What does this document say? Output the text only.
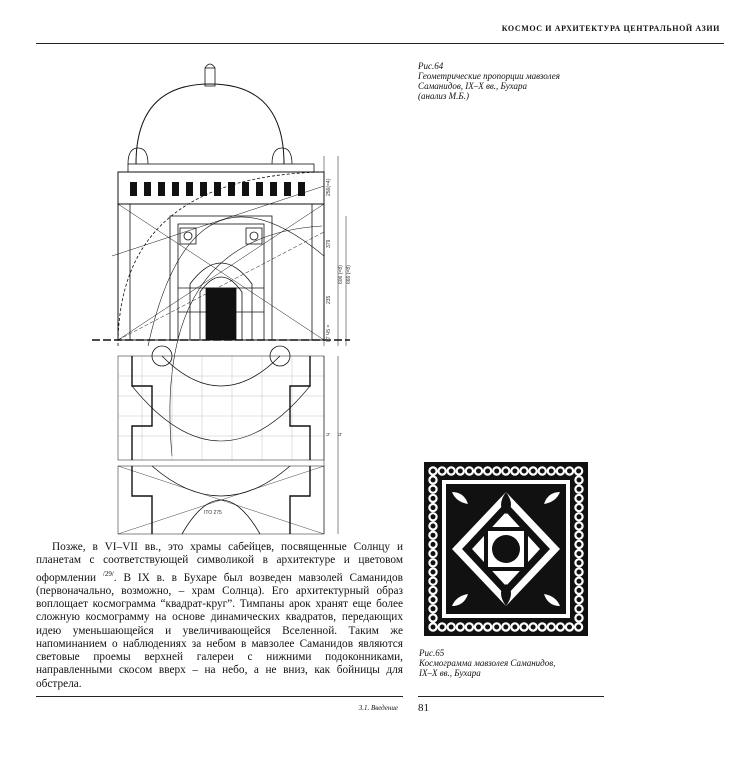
КОСМОС И АРХИТЕКТУРА ЦЕНТРАЛЬНОЙ АЗИИ
256(=4)
379
235
87 Ч5 =
606 (=8) 666 (=8)
Ч Ч
IТО 275
Рис.64
Геометрические пропорции мавзолея
Саманидов, IX–X вв., Бухара
(анализ М.Б.)
Рис.65
Космограмма мавзолея Саманидов,
IX–X вв., Бухара
Позже, в VI–VII вв., это храмы сабейцев, посвященные Солнцу и планетам с соответствующей символикой в архитектуре и цветовом оформлении $^{/29/}$. В IX в. в Бухаре был возведен мавзолей Саманидов (первоначально, возможно, – храм Солнца). Его архитектурный образ воплощает космограмма “квадрат-круг”. Тимпаны арок хранят еще более сложную космограмму на основе динамических квадратов, передающих идею уменьшающейся и увеличивающейся Вселенной. Таким же напоминанием о наблюдениях за небом в мавзолее Саманидов являются световые проемы верхней галереи с нижними подоконниками, направленными скосом вверх – на небо, а не вниз, как бойницы для обстрела.
3.1. Введение 81
